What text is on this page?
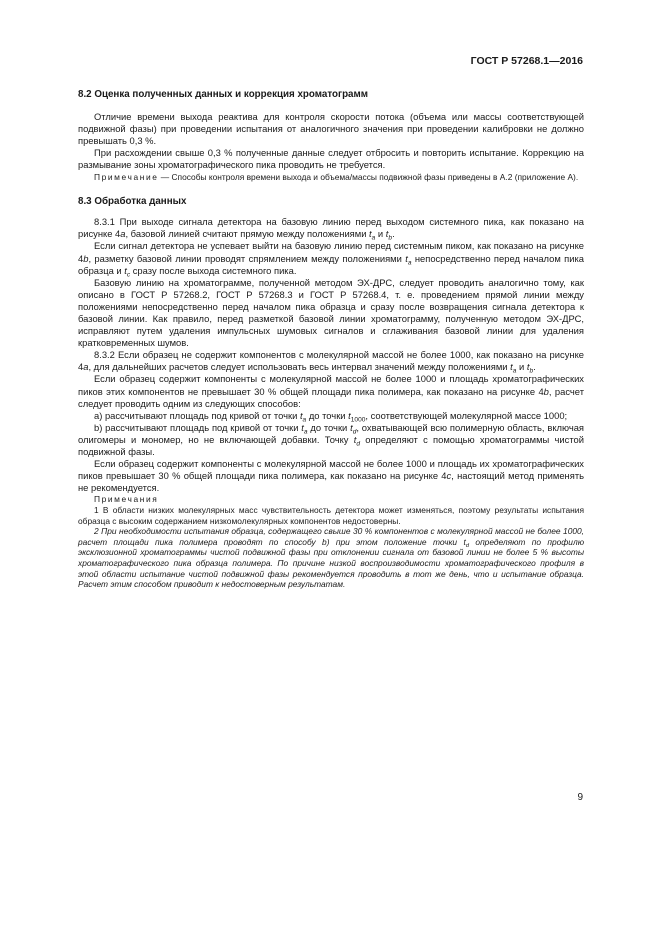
ГОСТ Р 57268.1—2016
8.2 Оценка полученных данных и коррекция хроматограмм

Отличие времени выхода реактива для контроля скорости потока (объема или массы соответствующей подвижной фазы) при проведении испытания от аналогичного значения при проведении калибровки не должно превышать 0,3 %.

При расхождении свыше 0,3 % полученные данные следует отбросить и повторить испытание. Коррекцию на размывание зоны хроматографического пика проводить не требуется.

Примечание — Способы контроля времени выхода и объема/массы подвижной фазы приведены в А.2 (приложение А).

8.3 Обработка данных

8.3.1 При выходе сигнала детектора на базовую линию перед выходом системного пика, как показано на рисунке 4a, базовой линией считают прямую между положениями $t_a$ и $t_b$.

Если сигнал детектора не успевает выйти на базовую линию перед системным пиком, как показано на рисунке 4b, разметку базовой линии проводят спрямлением между положениями $t_a$ непосредственно перед началом пика образца и $t_c$ сразу после выхода системного пика.

Базовую линию на хроматограмме, полученной методом ЭХ-ДРС, следует проводить аналогично тому, как описано в ГОСТ Р 57268.2, ГОСТ Р 57268.3 и ГОСТ Р 57268.4, т. е. проведением прямой линии между положениями непосредственно перед началом пика образца и сразу после возвращения сигнала детектора к базовой линии. Как правило, перед разметкой базовой линии хроматограмму, полученную методом ЭХ-ДРС, исправляют путем удаления импульсных шумовых сигналов и сглаживания базовой линии для удаления кратковременных шумов.

8.3.2 Если образец не содержит компонентов с молекулярной массой не более 1000, как показано на рисунке 4a, для дальнейших расчетов следует использовать весь интервал значений между положениями $t_a$ и $t_b$.

Если образец содержит компоненты с молекулярной массой не более 1000 и площадь хроматографических пиков этих компонентов не превышает 30 % общей площади пика полимера, как показано на рисунке 4b, расчет следует проводить одним из следующих способов:

a) рассчитывают площадь под кривой от точки $t_a$ до точки $t_{1000}$, соответствующей молекулярной массе 1000;

b) рассчитывают площадь под кривой от точки $t_a$ до точки $t_d$, охватывающей всю полимерную область, включая олигомеры и мономер, но не включающей добавки. Точку $t_d$ определяют с помощью хроматограммы чистой подвижной фазы.

Если образец содержит компоненты с молекулярной массой не более 1000 и площадь их хроматографических пиков превышает 30 % общей площади пика полимера, как показано на рисунке 4c, настоящий метод применять не рекомендуется.

Примечания

1 В области низких молекулярных масс чувствительность детектора может изменяться, поэтому результаты испытания образца с высоким содержанием низкомолекулярных компонентов недостоверны.

2 При необходимости испытания образца, содержащего свыше 30 % компонентов с молекулярной массой не более 1000, расчет площади пика полимера проводят по способу b) при этом положение точки $t_d$ определяют по профилю эксклюзионной хроматограммы чистой подвижной фазы при отклонении сигнала от базовой линии не более 5 % высоты хроматографического пика образца полимера. По причине низкой воспроизводимости хроматографического профиля в этой области испытание чистой подвижной фазы рекомендуется проводить в тот же день, что и испытание образца. Расчет этим способом приводит к недостоверным результатам.

9
